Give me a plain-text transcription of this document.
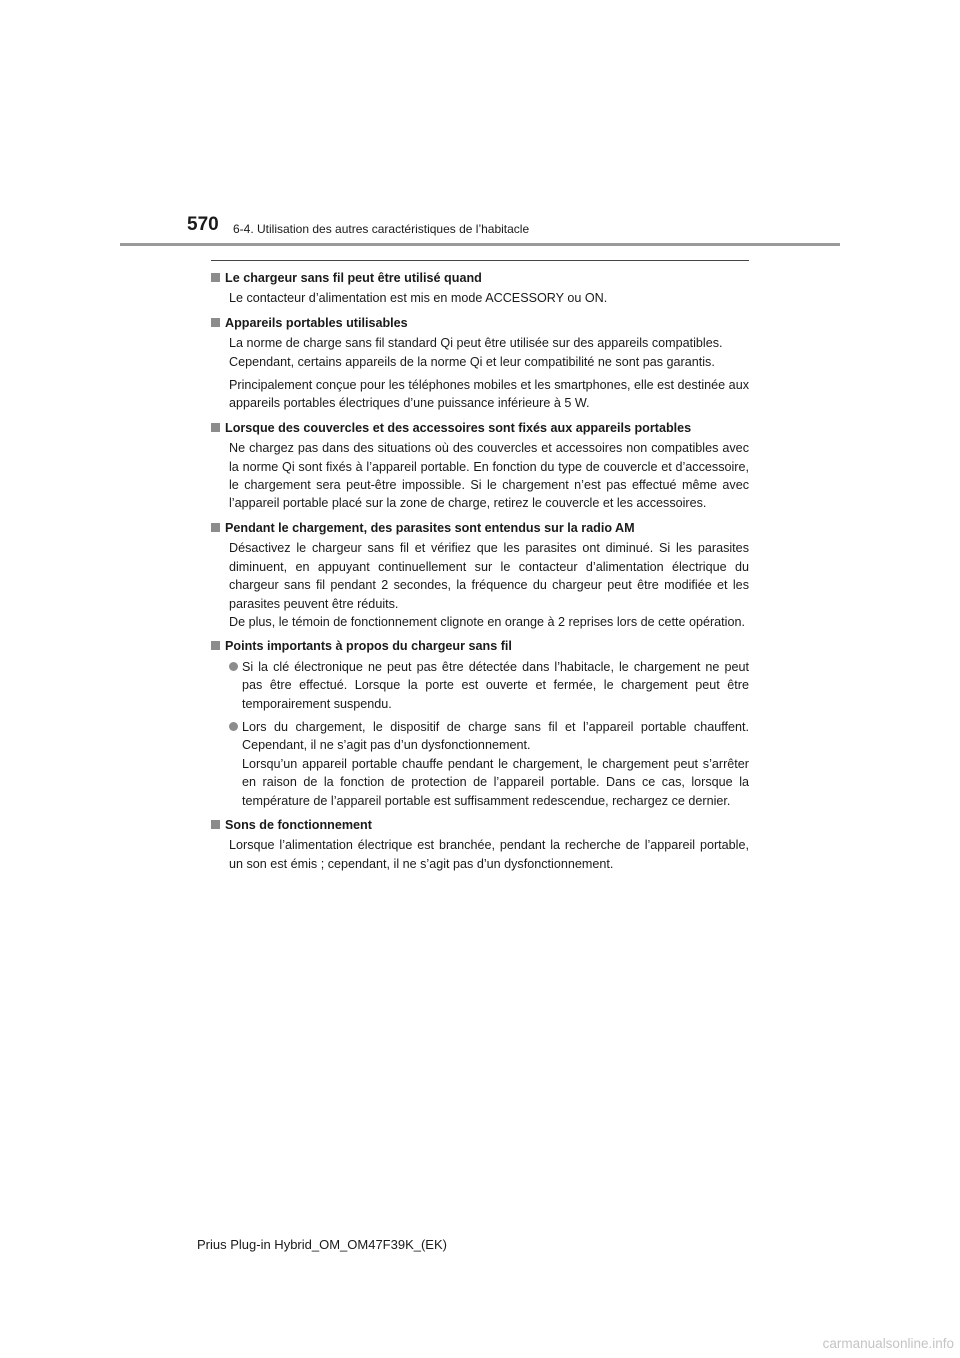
570 6-4. Utilisation des autres caractéristiques de l’habitacle
Le chargeur sans fil peut être utilisé quand

Le contacteur d’alimentation est mis en mode ACCESSORY ou ON.

Appareils portables utilisables

La norme de charge sans fil standard Qi peut être utilisée sur des appareils compatibles.
Cependant, certains appareils de la norme Qi et leur compatibilité ne sont pas garantis.

Principalement conçue pour les téléphones mobiles et les smartphones, elle est destinée aux appareils portables électriques d’une puissance inférieure à 5 W.

Lorsque des couvercles et des accessoires sont fixés aux appareils portables

Ne chargez pas dans des situations où des couvercles et accessoires non compatibles avec la norme Qi sont fixés à l’appareil portable. En fonction du type de couvercle et d’accessoire, le chargement sera peut-être impossible. Si le chargement n’est pas effectué même avec l’appareil portable placé sur la zone de charge, retirez le couvercle et les accessoires.

Pendant le chargement, des parasites sont entendus sur la radio AM

Désactivez le chargeur sans fil et vérifiez que les parasites ont diminué. Si les parasites diminuent, en appuyant continuellement sur le contacteur d’alimentation électrique du chargeur sans fil pendant 2 secondes, la fréquence du chargeur peut être modifiée et les parasites peuvent être réduits.
De plus, le témoin de fonctionnement clignote en orange à 2 reprises lors de cette opération.

Points importants à propos du chargeur sans fil
Si la clé électronique ne peut pas être détectée dans l’habitacle, le chargement ne peut pas être effectué. Lorsque la porte est ouverte et fermée, le chargement peut être temporairement suspendu.
Lors du chargement, le dispositif de charge sans fil et l’appareil portable chauffent. Cependant, il ne s’agit pas d’un dysfonctionnement.
Lorsqu’un appareil portable chauffe pendant le chargement, le chargement peut s’arrêter en raison de la fonction de protection de l’appareil portable. Dans ce cas, lorsque la température de l’appareil portable est suffisamment redescendue, rechargez ce dernier.
Sons de fonctionnement

Lorsque l’alimentation électrique est branchée, pendant la recherche de l’appareil portable, un son est émis ; cependant, il ne s’agit pas d’un dysfonctionnement.

Prius Plug-in Hybrid_OM_OM47F39K_(EK)
carmanualsonline.info
